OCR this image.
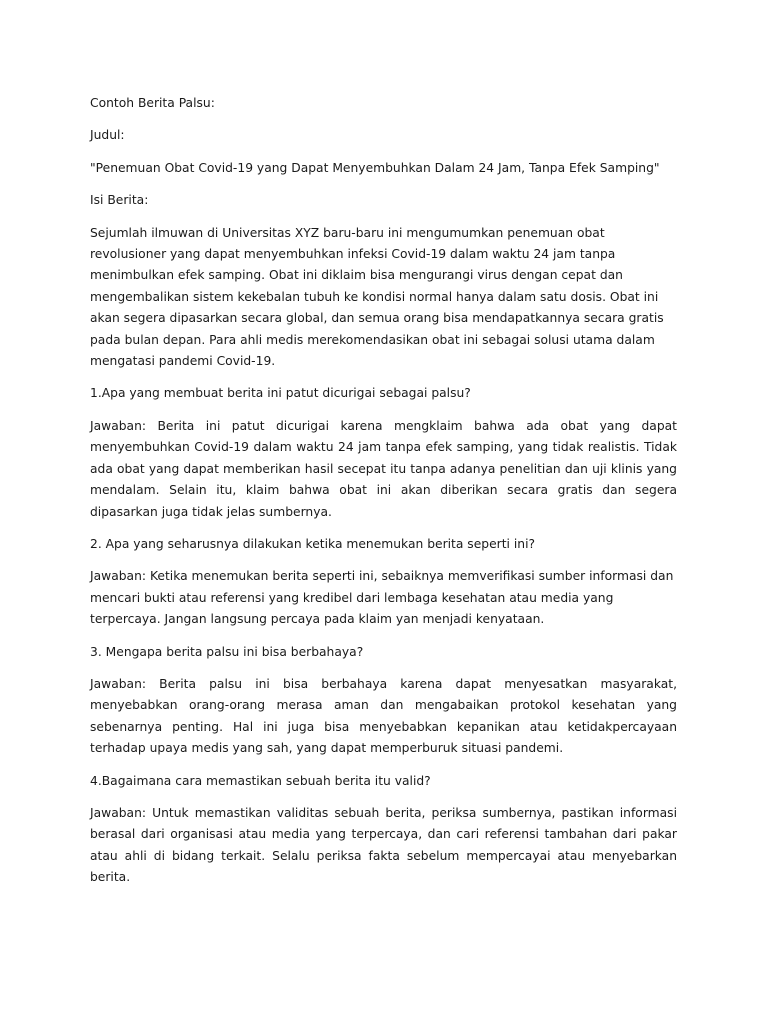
Contoh Berita Palsu:

Judul:

"Penemuan Obat Covid-19 yang Dapat Menyembuhkan Dalam 24 Jam, Tanpa Efek Samping"

Isi Berita:

Sejumlah ilmuwan di Universitas XYZ baru-baru ini mengumumkan penemuan obat revolusioner yang dapat menyembuhkan infeksi Covid-19 dalam waktu 24 jam tanpa menimbulkan efek samping. Obat ini diklaim bisa mengurangi virus dengan cepat dan mengembalikan sistem kekebalan tubuh ke kondisi normal hanya dalam satu dosis. Obat ini akan segera dipasarkan secara global, dan semua orang bisa mendapatkannya secara gratis pada bulan depan. Para ahli medis merekomendasikan obat ini sebagai solusi utama dalam mengatasi pandemi Covid-19.

1.Apa yang membuat berita ini patut dicurigai sebagai palsu?

Jawaban: Berita ini patut dicurigai karena mengklaim bahwa ada obat yang dapat menyembuhkan Covid-19 dalam waktu 24 jam tanpa efek samping, yang tidak realistis. Tidak ada obat yang dapat memberikan hasil secepat itu tanpa adanya penelitian dan uji klinis yang mendalam. Selain itu, klaim bahwa obat ini akan diberikan secara gratis dan segera dipasarkan juga tidak jelas sumbernya.

2. Apa yang seharusnya dilakukan ketika menemukan berita seperti ini?

Jawaban: Ketika menemukan berita seperti ini, sebaiknya memverifikasi sumber informasi dan mencari bukti atau referensi yang kredibel dari lembaga kesehatan atau media yang terpercaya. Jangan langsung percaya pada klaim yan menjadi kenyataan.

3. Mengapa berita palsu ini bisa berbahaya?

Jawaban: Berita palsu ini bisa berbahaya karena dapat menyesatkan masyarakat, menyebabkan orang-orang merasa aman dan mengabaikan protokol kesehatan yang sebenarnya penting. Hal ini juga bisa menyebabkan kepanikan atau ketidakpercayaan terhadap upaya medis yang sah, yang dapat memperburuk situasi pandemi.

4.Bagaimana cara memastikan sebuah berita itu valid?

Jawaban: Untuk memastikan validitas sebuah berita, periksa sumbernya, pastikan informasi berasal dari organisasi atau media yang terpercaya, dan cari referensi tambahan dari pakar atau ahli di bidang terkait. Selalu periksa fakta sebelum mempercayai atau menyebarkan berita.
